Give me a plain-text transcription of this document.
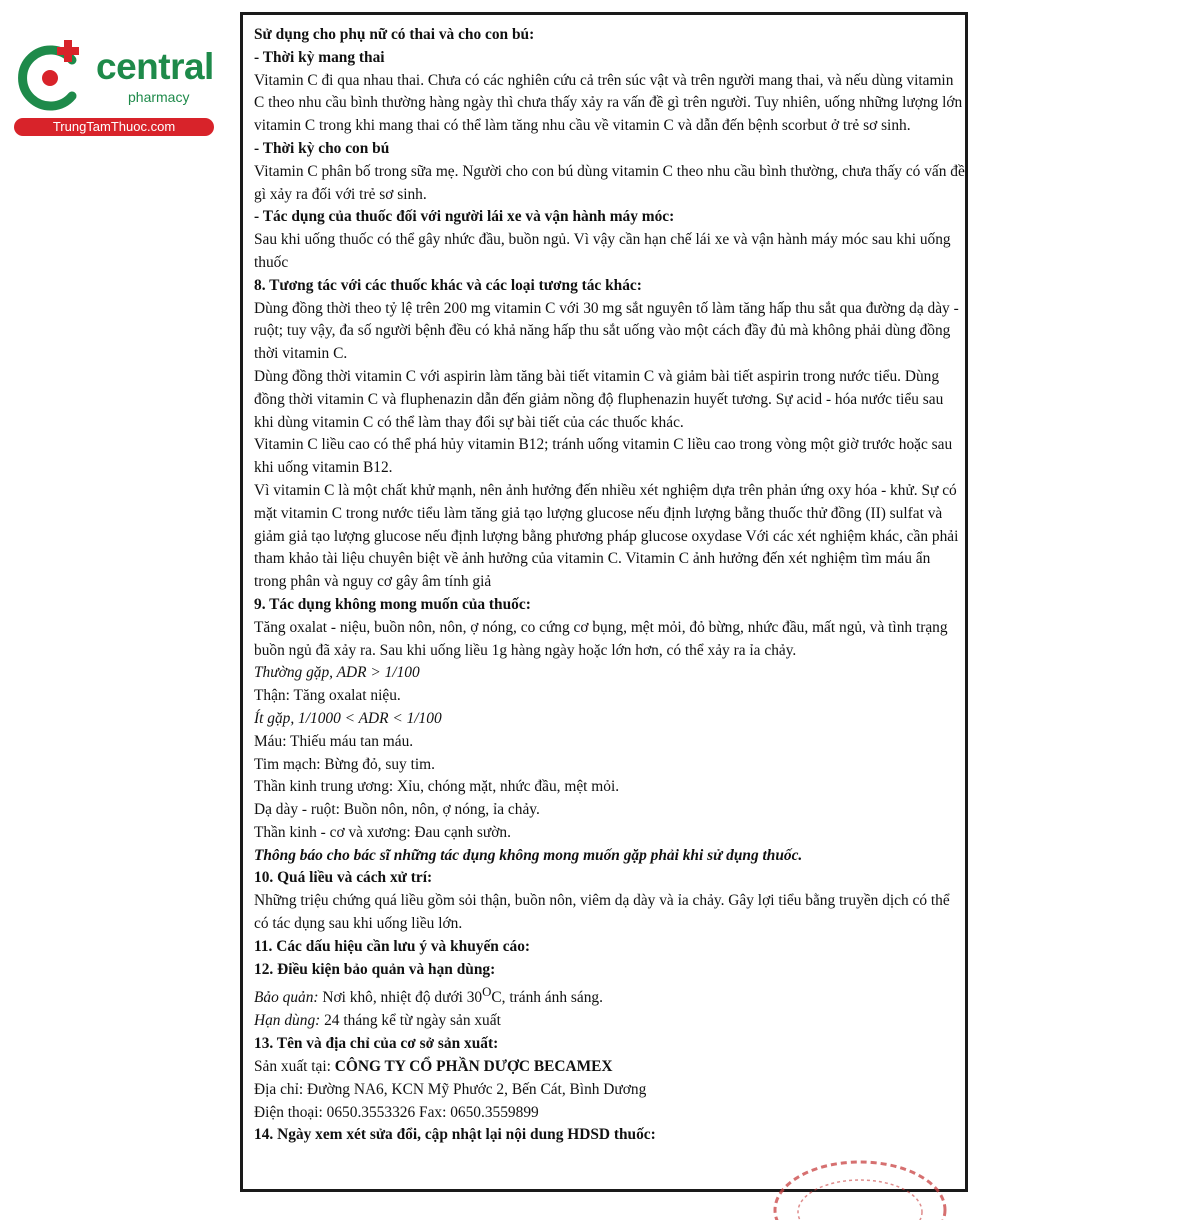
central
pharmacy
TrungTamThuoc.com

Sử dụng cho phụ nữ có thai và cho con bú:

- Thời kỳ mang thai

Vitamin C đi qua nhau thai. Chưa có các nghiên cứu cả trên súc vật và trên người mang thai, và nếu dùng vitamin C theo nhu cầu bình thường hàng ngày thì chưa thấy xảy ra vấn đề gì trên người. Tuy nhiên, uống những lượng lớn vitamin C trong khi mang thai có thể làm tăng nhu cầu về vitamin C và dẫn đến bệnh scorbut ở trẻ sơ sinh.

- Thời kỳ cho con bú

Vitamin C phân bố trong sữa mẹ. Người cho con bú dùng vitamin C theo nhu cầu bình thường, chưa thấy có vấn đề gì xảy ra đối với trẻ sơ sinh.

- Tác dụng của thuốc đối với người lái xe và vận hành máy móc:

Sau khi uống thuốc có thể gây nhức đầu, buồn ngủ. Vì vậy cần hạn chế lái xe và vận hành máy móc sau khi uống thuốc

8. Tương tác với các thuốc khác và các loại tương tác khác:

Dùng đồng thời theo tỷ lệ trên 200 mg vitamin C với 30 mg sắt nguyên tố làm tăng hấp thu sắt qua đường dạ dày - ruột; tuy vậy, đa số người bệnh đều có khả năng hấp thu sắt uống vào một cách đầy đủ mà không phải dùng đồng thời vitamin C.

Dùng đồng thời vitamin C với aspirin làm tăng bài tiết vitamin C và giảm bài tiết aspirin trong nước tiểu. Dùng đồng thời vitamin C và fluphenazin dẫn đến giảm nồng độ fluphenazin huyết tương. Sự acid - hóa nước tiểu sau khi dùng vitamin C có thể làm thay đổi sự bài tiết của các thuốc khác.

Vitamin C liều cao có thể phá hủy vitamin B12; tránh uống vitamin C liều cao trong vòng một giờ trước hoặc sau khi uống vitamin B12.

Vì vitamin C là một chất khử mạnh, nên ảnh hưởng đến nhiều xét nghiệm dựa trên phản ứng oxy hóa - khử. Sự có mặt vitamin C trong nước tiểu làm tăng giả tạo lượng glucose nếu định lượng bằng thuốc thử đồng (II) sulfat và giảm giả tạo lượng glucose nếu định lượng bằng phương pháp glucose oxydase Với các xét nghiệm khác, cần phải tham khảo tài liệu chuyên biệt về ảnh hưởng của vitamin C. Vitamin C ảnh hưởng đến xét nghiệm tìm máu ẩn trong phân và nguy cơ gây âm tính giả

9. Tác dụng không mong muốn của thuốc:

Tăng oxalat - niệu, buồn nôn, nôn, ợ nóng, co cứng cơ bụng, mệt mỏi, đỏ bừng, nhức đầu, mất ngủ, và tình trạng buồn ngủ đã xảy ra. Sau khi uống liều 1g hàng ngày hoặc lớn hơn, có thể xảy ra ỉa chảy.

Thường gặp, ADR > 1/100

Thận: Tăng oxalat niệu.

Ít gặp, 1/1000 < ADR < 1/100

Máu: Thiếu máu tan máu.

Tim mạch: Bừng đỏ, suy tim.

Thần kinh trung ương: Xỉu, chóng mặt, nhức đầu, mệt mỏi.

Dạ dày - ruột: Buồn nôn, nôn, ợ nóng, ỉa chảy.

Thần kinh - cơ và xương: Đau cạnh sườn.

Thông báo cho bác sĩ những tác dụng không mong muốn gặp phải khi sử dụng thuốc.

10. Quá liều và cách xử trí:

Những triệu chứng quá liều gồm sỏi thận, buồn nôn, viêm dạ dày và ỉa chảy. Gây lợi tiểu bằng truyền dịch có thể có tác dụng sau khi uống liều lớn.

11. Các dấu hiệu cần lưu ý và khuyến cáo:

12. Điều kiện bảo quản và hạn dùng:

Bảo quản: Nơi khô, nhiệt độ dưới $30^OC$, tránh ánh sáng.

Hạn dùng: 24 tháng kể từ ngày sản xuất

13. Tên và địa chỉ của cơ sở sản xuất:

Sản xuất tại: CÔNG TY CỔ PHẦN DƯỢC BECAMEX

Địa chỉ: Đường NA6, KCN Mỹ Phước 2, Bến Cát, Bình Dương

Điện thoại: 0650.3553326 Fax: 0650.3559899

14. Ngày xem xét sửa đổi, cập nhật lại nội dung HDSD thuốc:
